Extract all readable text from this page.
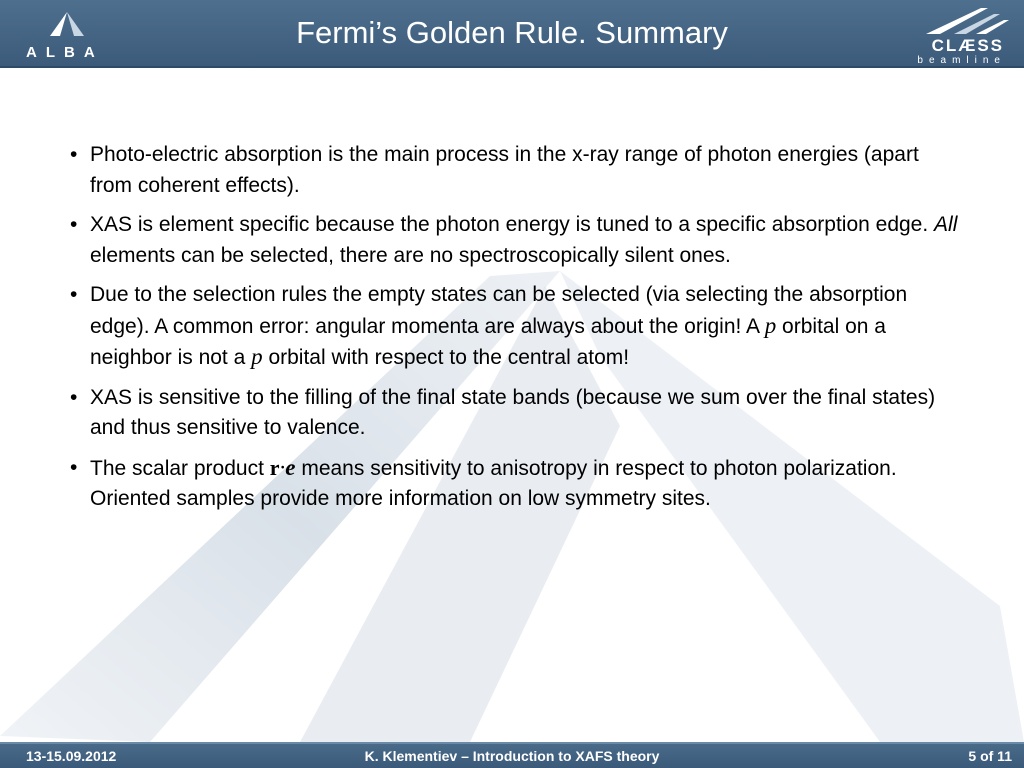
ALBA
Fermi’s Golden Rule. Summary	CLÆSS
beamline
• Photo-electric absorption is the main process in the x-ray range of photon energies (apart from coherent effects).
• XAS is element specific because the photon energy is tuned to a specific absorption edge. All elements can be selected, there are no spectroscopically silent ones.
• Due to the selection rules the empty states can be selected (via selecting the absorption edge). A common error: angular momenta are always about the origin! A p orbital on a neighbor is not a p orbital with respect to the central atom!
• XAS is sensitive to the filling of the final state bands (because we sum over the final states) and thus sensitive to valence.
• The scalar product r·e means sensitivity to anisotropy in respect to photon polarization. Oriented samples provide more information on low symmetry sites.
13-15.09.2012	K. Klementiev – Introduction to XAFS theory	5 of 11
